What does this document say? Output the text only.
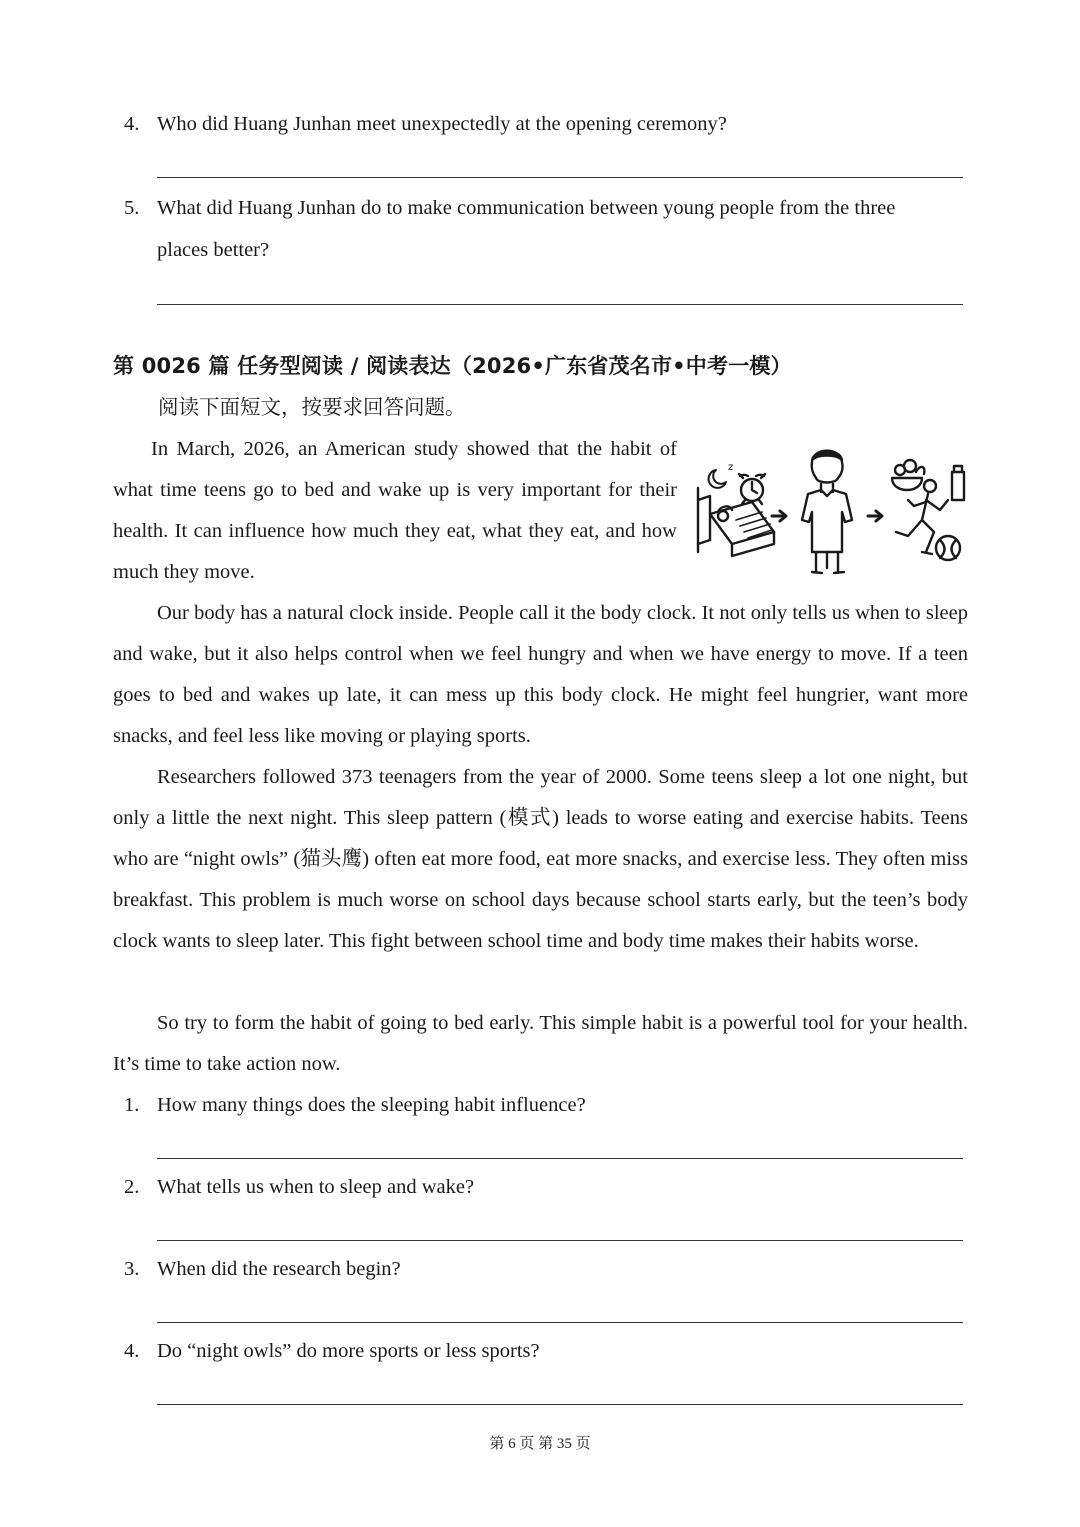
4. Who did Huang Junhan meet unexpectedly at the opening ceremony?
5. What did Huang Junhan do to make communication between young people from the three
places better?
第 0026 篇 任务型阅读 / 阅读表达（2026•广东省茂名市•中考一模）
阅读下面短文，按要求回答问题。

In March, 2026, an American study showed that the habit of what time teens go to bed and wake up is very important for their health. It can influence how much they eat, what they eat, and how much they move.

z

Our body has a natural clock inside. People call it the body clock. It not only tells us when to sleep and wake, but it also helps control when we feel hungry and when we have energy to move. If a teen goes to bed and wakes up late, it can mess up this body clock. He might feel hungrier, want more snacks, and feel less like moving or playing sports.

Researchers followed 373 teenagers from the year of 2000. Some teens sleep a lot one night, but only a little the next night. This sleep pattern (模式) leads to worse eating and exercise habits. Teens who are “night owls” (猫头鹰) often eat more food, eat more snacks, and exercise less. They often miss breakfast. This problem is much worse on school days because school starts early, but the teen’s body clock wants to sleep later. This fight between school time and body time makes their habits worse.

So try to form the habit of going to bed early. This simple habit is a powerful tool for your health. It’s time to take action now.

1. How many things does the sleeping habit influence?
2. What tells us when to sleep and wake?
3. When did the research begin?
4. Do “night owls” do more sports or less sports?
第 6 页 第 35 页
